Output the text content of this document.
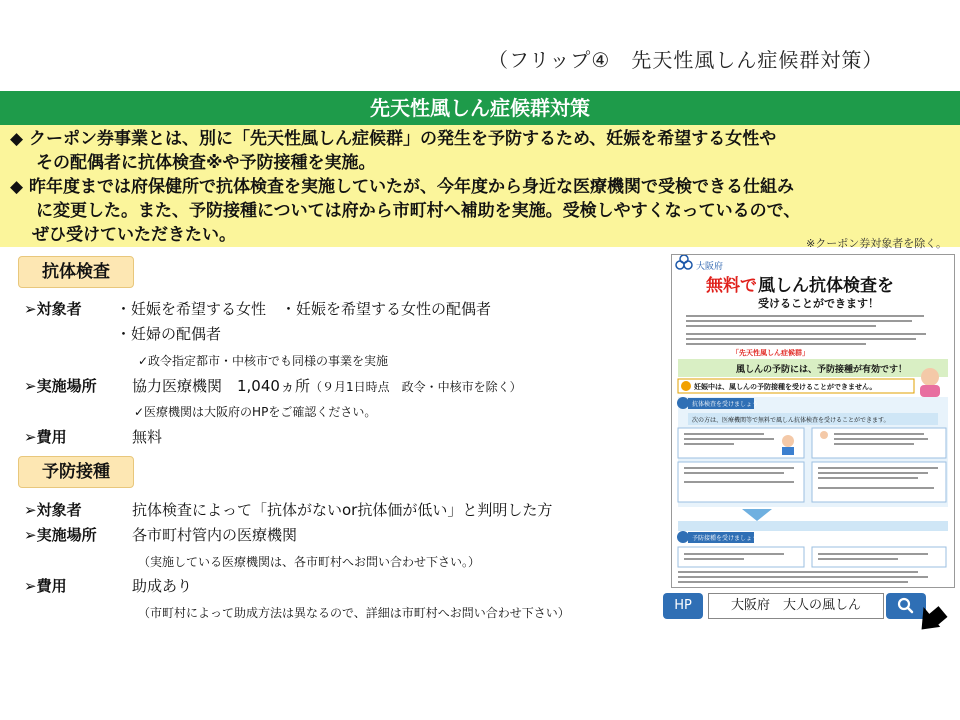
（フリップ④　先天性風しん症候群対策）
先天性風しん症候群対策

◆ クーポン券事業とは、別に「先天性風しん症候群」の発生を予防するため、妊娠を希望する女性や

その配偶者に抗体検査※や予防接種を実施。

◆ 昨年度までは府保健所で抗体検査を実施していたが、今年度から身近な医療機関で受検できる仕組み

に変更した。また、予防接種については府から市町村へ補助を実施。受検しやすくなっているので、

ぜひ受けていただきたい。	※クーポン券対象者を除く。
抗体検査
➢対象者 ・妊娠を希望する女性　・妊娠を希望する女性の配偶者
・妊婦の配偶者
✓政令指定都市・中核市でも同様の事業を実施
➢実施場所 協力医療機関　1,040ヵ所（９月1日時点　政令・中核市を除く）
✓医療機関は大阪府のHPをご確認ください。
➢費用	無料
予防接種
➢対象者	抗体検査によって「抗体がないor抗体価が低い」と判明した方
➢実施場所 各市町村管内の医療機関
（実施している医療機関は、各市町村へお問い合わせ下さい。）
➢費用	助成あり
（市町村によって助成方法は異なるので、詳細は市町村へお問い合わせ下さい）
大阪府
無料で 風しん抗体検査を
受けることができます！
「先天性風しん症候群」
風しんの予防には、予防接種が有効です！
妊娠中は、風しんの予防接種を受けることができません。
抗体検査を受けましょう
次の方は、医療機関等で無料で風しん抗体検査を受けることができます。
予防接種を受けましょう
HP	大阪府　大人の風しん
